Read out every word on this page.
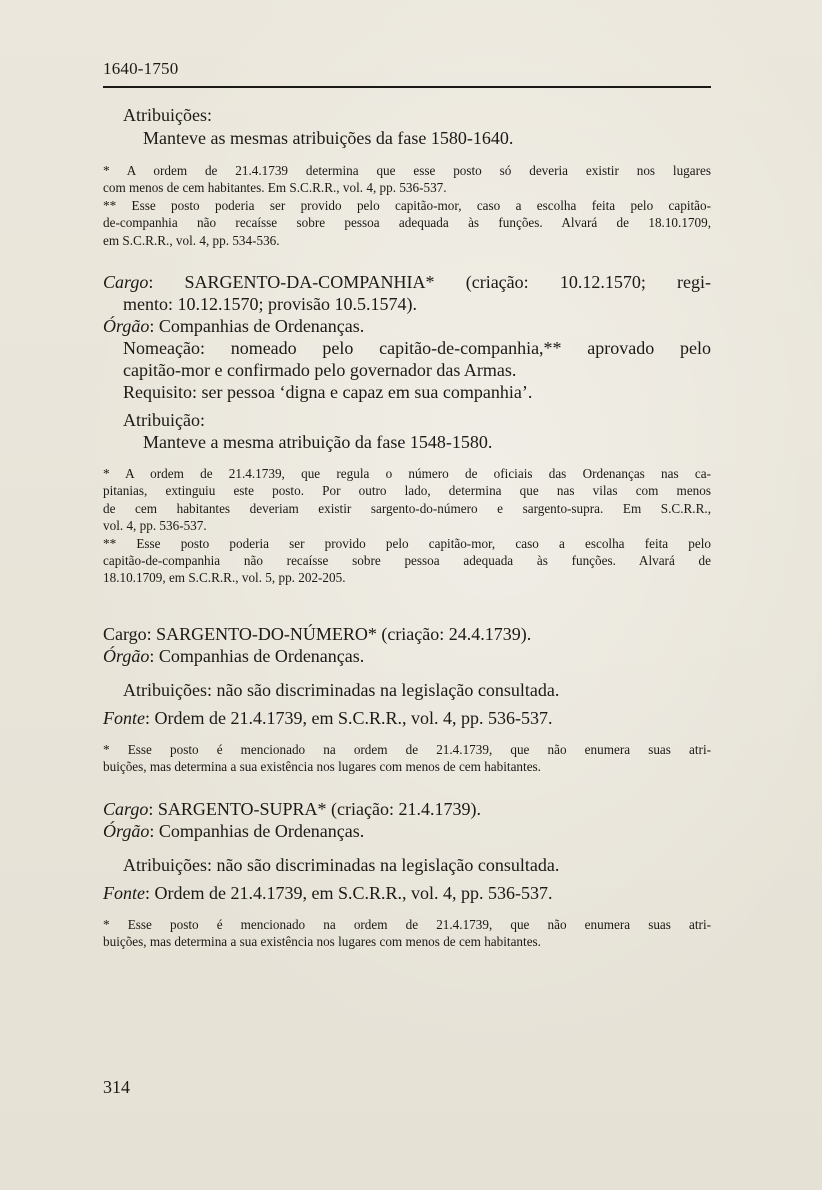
1640-1750

Atribuições:

Manteve as mesmas atribuições da fase 1580-1640.

* A ordem de 21.4.1739 determina que esse posto só deveria existir nos lugares

com menos de cem habitantes. Em S.C.R.R., vol. 4, pp. 536-537.

** Esse posto poderia ser provido pelo capitão-mor, caso a escolha feita pelo capitão-

de-companhia não recaísse sobre pessoa adequada às funções. Alvará de 18.10.1709,

em S.C.R.R., vol. 4, pp. 534-536.

Cargo: SARGENTO-DA-COMPANHIA* (criação: 10.12.1570; regi-

mento: 10.12.1570; provisão 10.5.1574).

Órgão: Companhias de Ordenanças.

Nomeação: nomeado pelo capitão-de-companhia,** aprovado pelo

capitão-mor e confirmado pelo governador das Armas.

Requisito: ser pessoa ‘digna e capaz em sua companhia’.

Atribuição:

Manteve a mesma atribuição da fase 1548-1580.

* A ordem de 21.4.1739, que regula o número de oficiais das Ordenanças nas ca-

pitanias, extinguiu este posto. Por outro lado, determina que nas vilas com menos

de cem habitantes deveriam existir sargento-do-número e sargento-supra. Em S.C.R.R.,

vol. 4, pp. 536-537.

** Esse posto poderia ser provido pelo capitão-mor, caso a escolha feita pelo

capitão-de-companhia não recaísse sobre pessoa adequada às funções. Alvará de

18.10.1709, em S.C.R.R., vol. 5, pp. 202-205.

Cargo: SARGENTO-DO-NÚMERO* (criação: 24.4.1739).

Órgão: Companhias de Ordenanças.

Atribuições: não são discriminadas na legislação consultada.

Fonte: Ordem de 21.4.1739, em S.C.R.R., vol. 4, pp. 536-537.

* Esse posto é mencionado na ordem de 21.4.1739, que não enumera suas atri-

buições, mas determina a sua existência nos lugares com menos de cem habitantes.

Cargo: SARGENTO-SUPRA* (criação: 21.4.1739).

Órgão: Companhias de Ordenanças.

Atribuições: não são discriminadas na legislação consultada.

Fonte: Ordem de 21.4.1739, em S.C.R.R., vol. 4, pp. 536-537.

* Esse posto é mencionado na ordem de 21.4.1739, que não enumera suas atri-

buições, mas determina a sua existência nos lugares com menos de cem habitantes.

314
